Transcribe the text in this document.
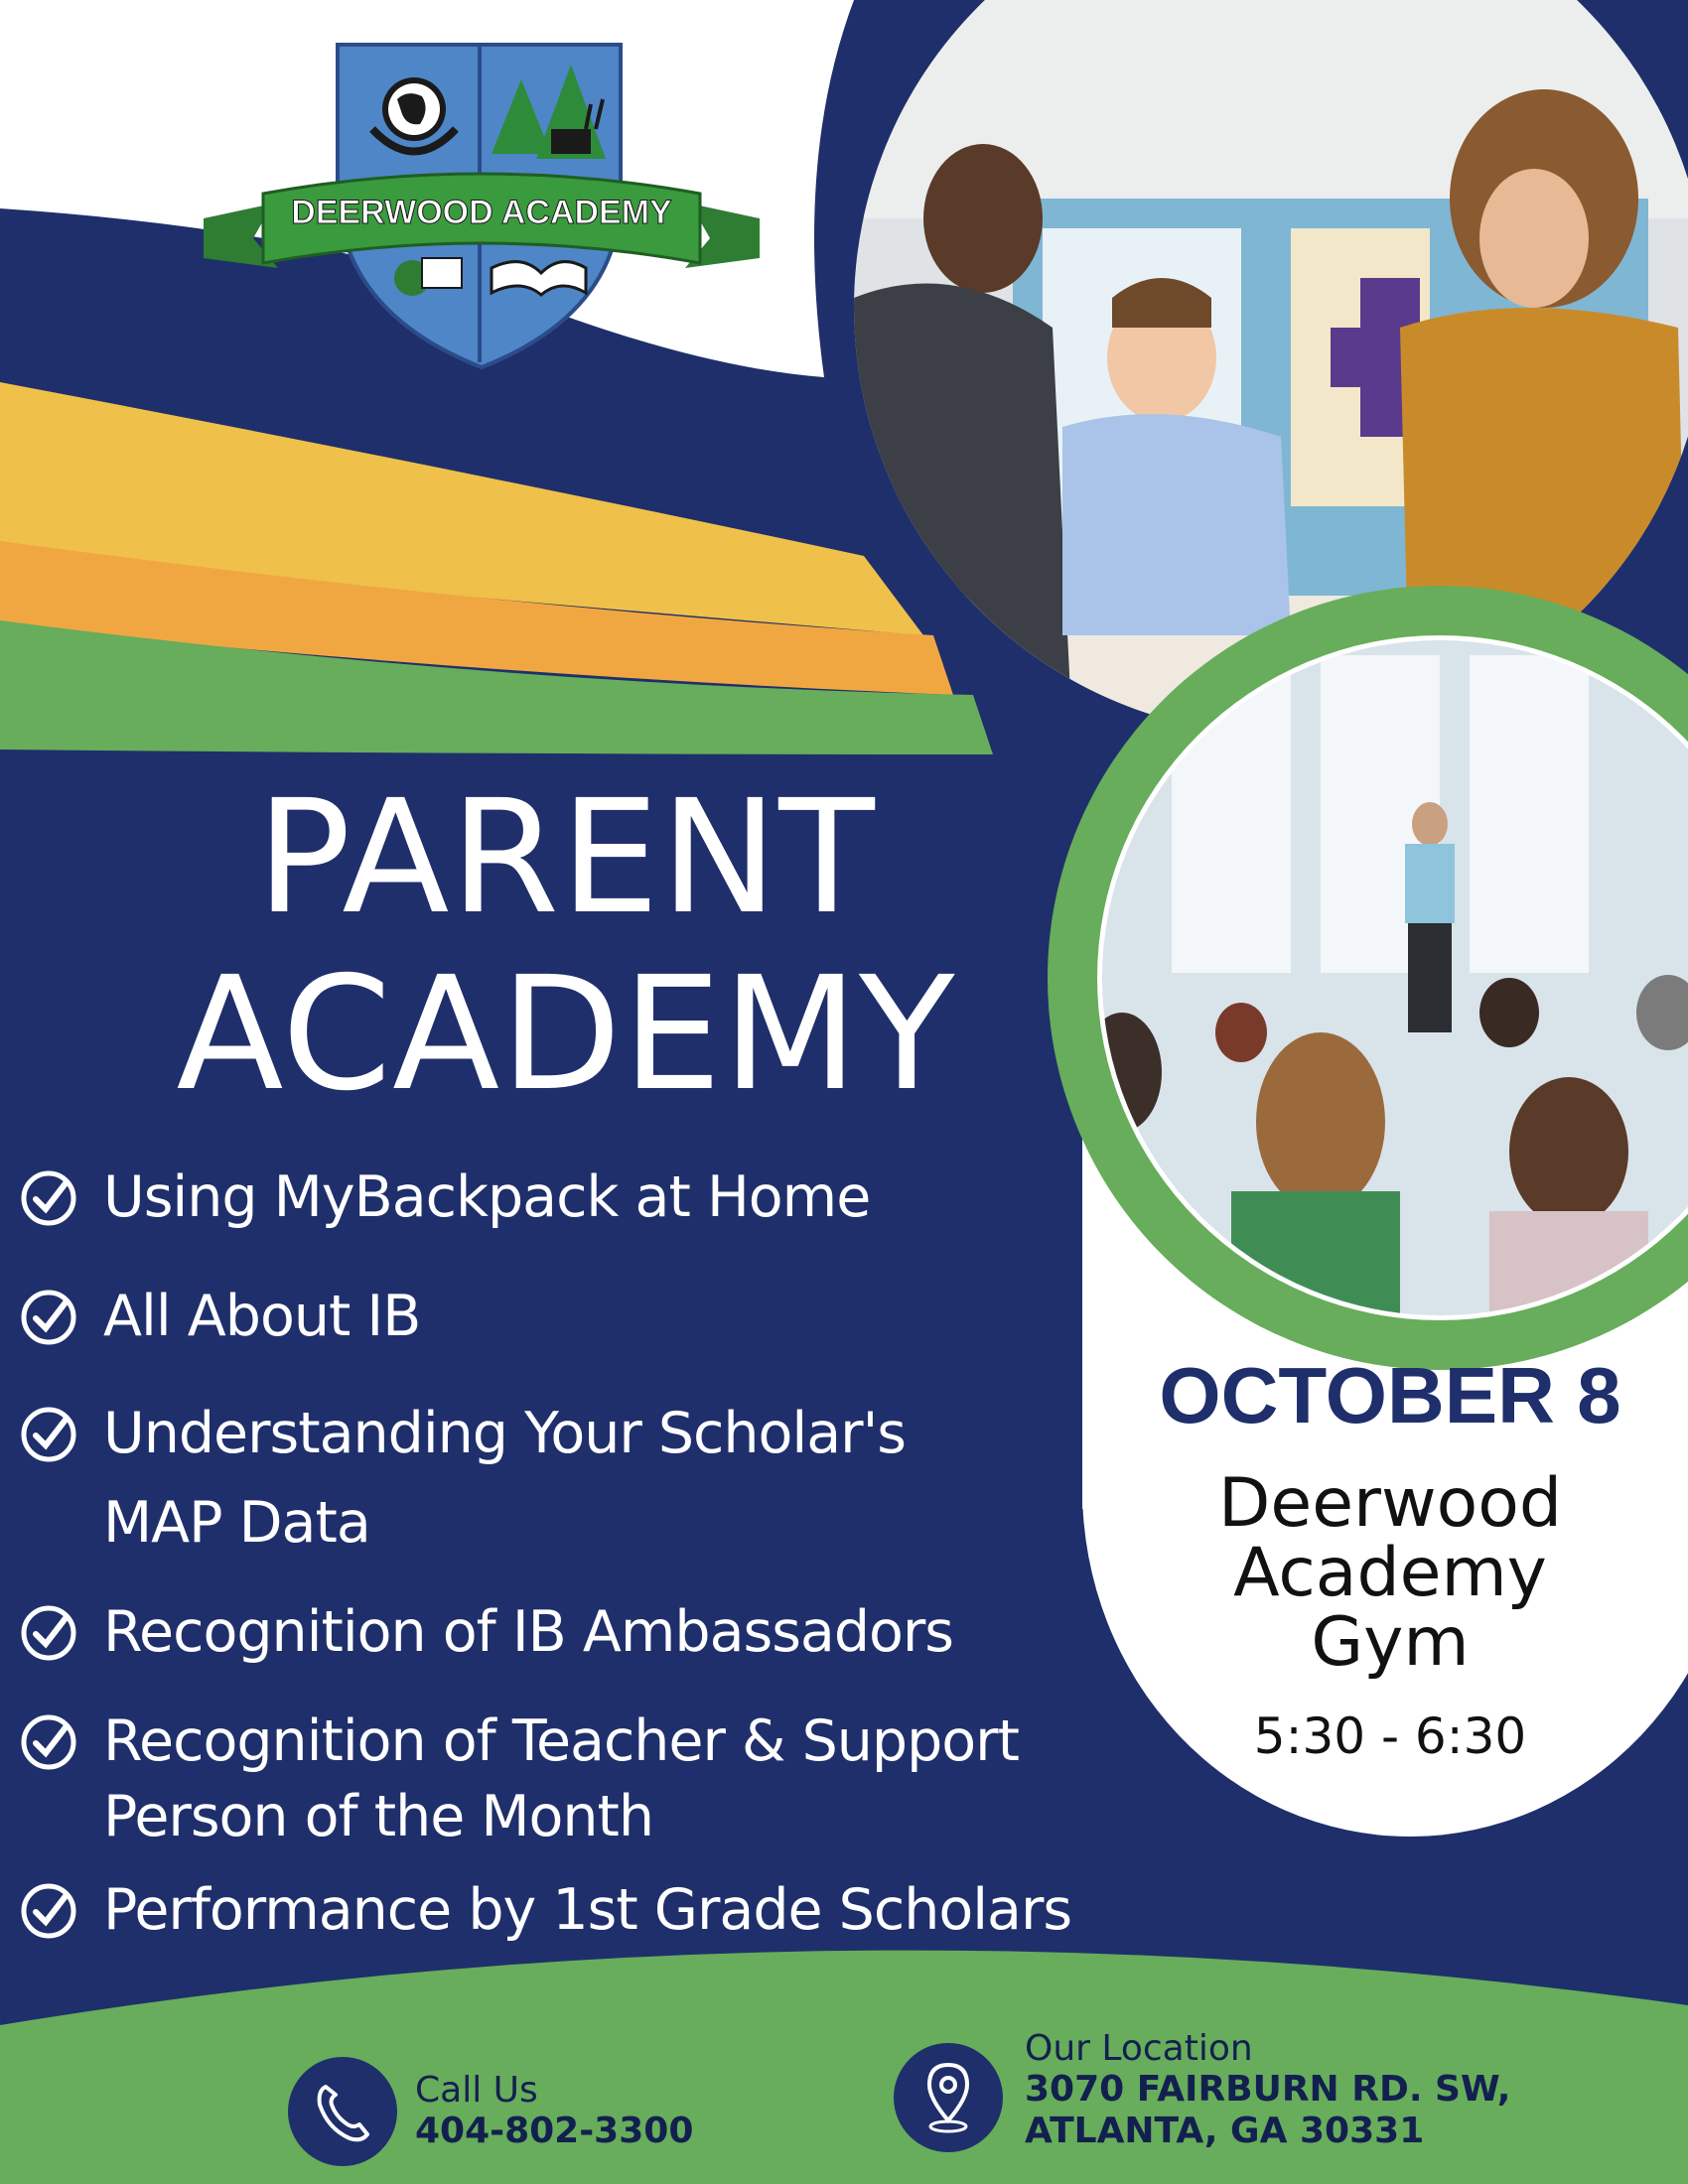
DEERWOOD ACADEMY
PARENT
ACADEMY
Using MyBackpack at Home
All About IB
Understanding Your Scholar's
MAP Data
Recognition of IB Ambassadors
Recognition of Teacher & Support
Person of the Month
Performance by 1st Grade Scholars
OCTOBER 8
Deerwood
Academy
Gym
5:30 - 6:30
Call Us
404-802-3300
Our Location
3070 FAIRBURN RD. SW,
ATLANTA, GA 30331
